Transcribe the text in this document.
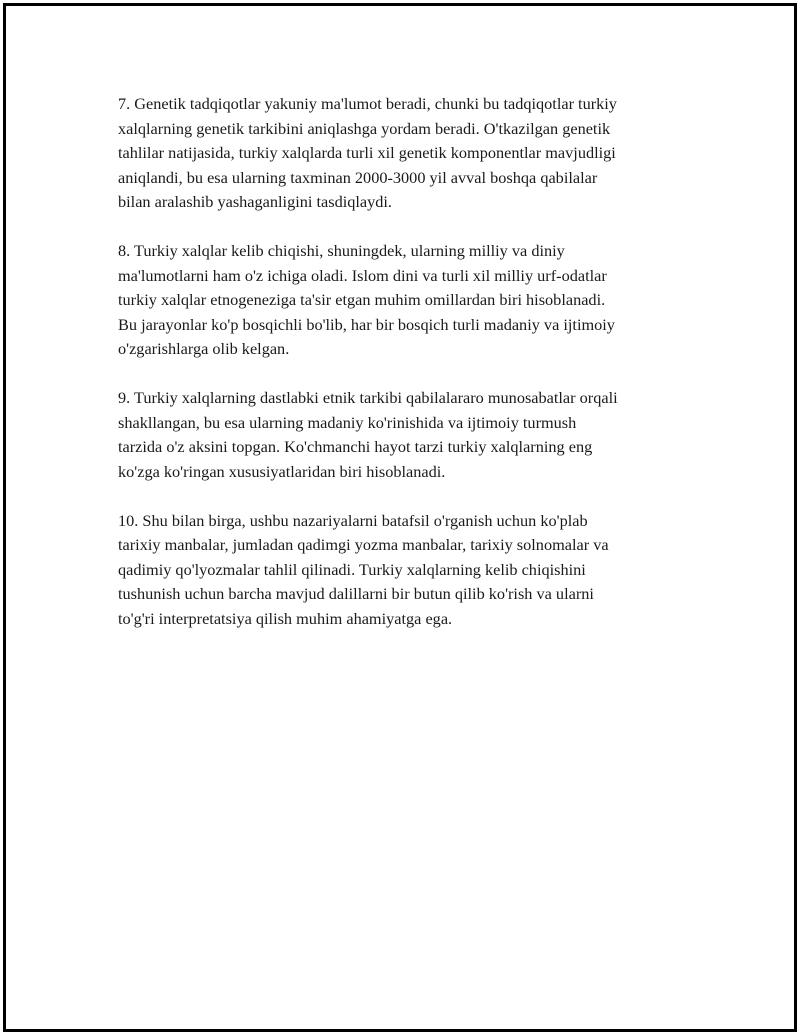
7. Genetik tadqiqotlar yakuniy ma'lumot beradi, chunki bu tadqiqotlar turkiy
xalqlarning genetik tarkibini aniqlashga yordam beradi. O'tkazilgan genetik
tahlilar natijasida, turkiy xalqlarda turli xil genetik komponentlar mavjudligi
aniqlandi, bu esa ularning taxminan 2000-3000 yil avval boshqa qabilalar
bilan aralashib yashaganligini tasdiqlaydi.

8. Turkiy xalqlar kelib chiqishi, shuningdek, ularning milliy va diniy
ma'lumotlarni ham o'z ichiga oladi. Islom dini va turli xil milliy urf-odatlar
turkiy xalqlar etnogeneziga ta'sir etgan muhim omillardan biri hisoblanadi.
Bu jarayonlar ko'p bosqichli bo'lib, har bir bosqich turli madaniy va ijtimoiy
o'zgarishlarga olib kelgan.

9. Turkiy xalqlarning dastlabki etnik tarkibi qabilalararo munosabatlar orqali
shakllangan, bu esa ularning madaniy ko'rinishida va ijtimoiy turmush
tarzida o'z aksini topgan. Ko'chmanchi hayot tarzi turkiy xalqlarning eng
ko'zga ko'ringan xususiyatlaridan biri hisoblanadi.

10. Shu bilan birga, ushbu nazariyalarni batafsil o'rganish uchun ko'plab
tarixiy manbalar, jumladan qadimgi yozma manbalar, tarixiy solnomalar va
qadimiy qo'lyozmalar tahlil qilinadi. Turkiy xalqlarning kelib chiqishini
tushunish uchun barcha mavjud dalillarni bir butun qilib ko'rish va ularni
to'g'ri interpretatsiya qilish muhim ahamiyatga ega.
